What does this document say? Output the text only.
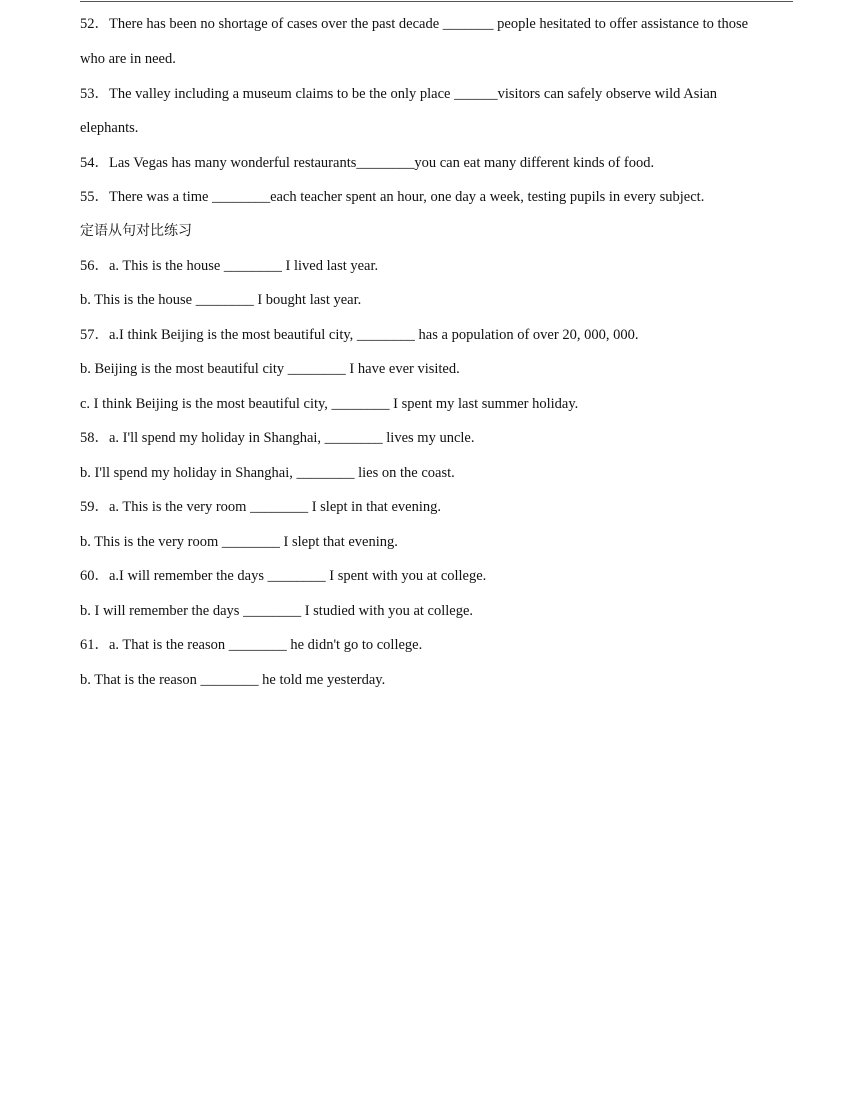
52．There has been no shortage of cases over the past decade _______ people hesitated to offer assistance to those
who are in need.
53．The valley including a museum claims to be the only place ______visitors can safely observe wild Asian
elephants.
54．Las Vegas has many wonderful restaurants________you can eat many different kinds of food.
55．There was a time ________each teacher spent an hour, one day a week, testing pupils in every subject.
定语从句对比练习
56．a. This is the house ________ I lived last year.
b. This is the house ________ I bought last year.
57．a.I think Beijing is the most beautiful city, ________ has a population of over 20, 000, 000.
b. Beijing is the most beautiful city ________ I have ever visited.
c. I think Beijing is the most beautiful city, ________ I spent my last summer holiday.
58．a. I'll spend my holiday in Shanghai, ________ lives my uncle.
b. I'll spend my holiday in Shanghai, ________ lies on the coast.
59．a. This is the very room ________ I slept in that evening.
b. This is the very room ________ I slept that evening.
60．a.I will remember the days ________ I spent with you at college.
b. I will remember the days ________ I studied with you at college.
61．a. That is the reason ________ he didn't go to college.
b. That is the reason ________ he told me yesterday.
